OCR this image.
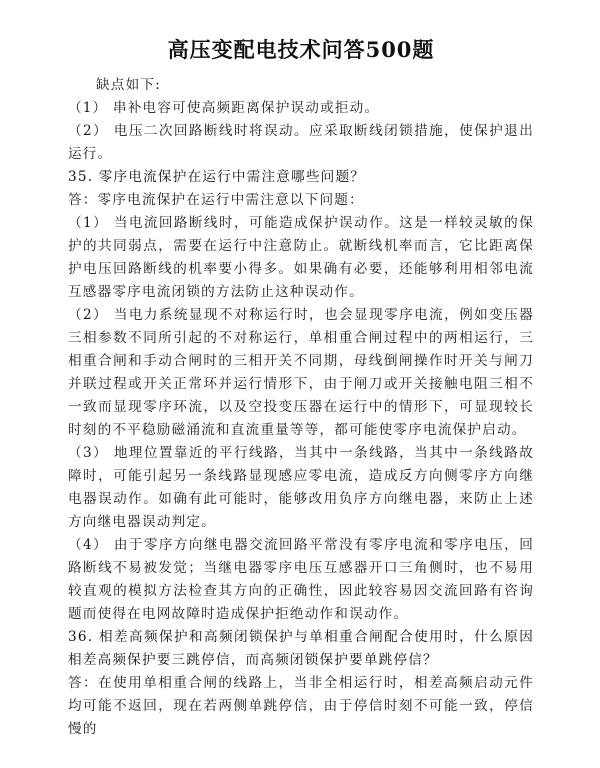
高压变配电技术问答500题

缺点如下:

（1） 串补电容可使高频距离保护误动或拒动。

（2） 电压二次回路断线时将误动。应采取断线闭锁措施，使保护退出运行。

35. 零序电流保护在运行中需注意哪些问题？

答：零序电流保护在运行中需注意以下问题：

（1） 当电流回路断线时，可能造成保护误动作。这是一样较灵敏的保护的共同弱点，需要在运行中注意防止。就断线机率而言，它比距离保护电压回路断线的机率要小得多。如果确有必要，还能够利用相邻电流互感器零序电流闭锁的方法防止这种误动作。

（2） 当电力系统显现不对称运行时，也会显现零序电流，例如变压器三相参数不同所引起的不对称运行，单相重合闸过程中的两相运行，三相重合闸和手动合闸时的三相开关不同期，母线倒闸操作时开关与闸刀并联过程或开关正常环并运行情形下，由于闸刀或开关接触电阻三相不一致而显现零序环流，以及空投变压器在运行中的情形下，可显现较长时刻的不平稳励磁涌流和直流重量等等，都可能使零序电流保护启动。

（3） 地理位置靠近的平行线路，当其中一条线路，当其中一条线路故障时，可能引起另一条线路显现感应零电流，造成反方向侧零序方向继电器误动作。如确有此可能时，能够改用负序方向继电器，来防止上述方向继电器误动判定。

（4） 由于零序方向继电器交流回路平常没有零序电流和零序电压，回路断线不易被发觉；当继电器零序电压互感器开口三角侧时，也不易用较直观的模拟方法检查其方向的正确性，因此较容易因交流回路有咨询题而使得在电网故障时造成保护拒绝动作和误动作。

36. 相差高频保护和高频闭锁保护与单相重合闸配合使用时，什么原因相差高频保护要三跳停信，而高频闭锁保护要单跳停信？

答：在使用单相重合闸的线路上，当非全相运行时，相差高频启动元件均可能不返回，现在若两侧单跳停信，由于停信时刻不可能一致，停信慢的
